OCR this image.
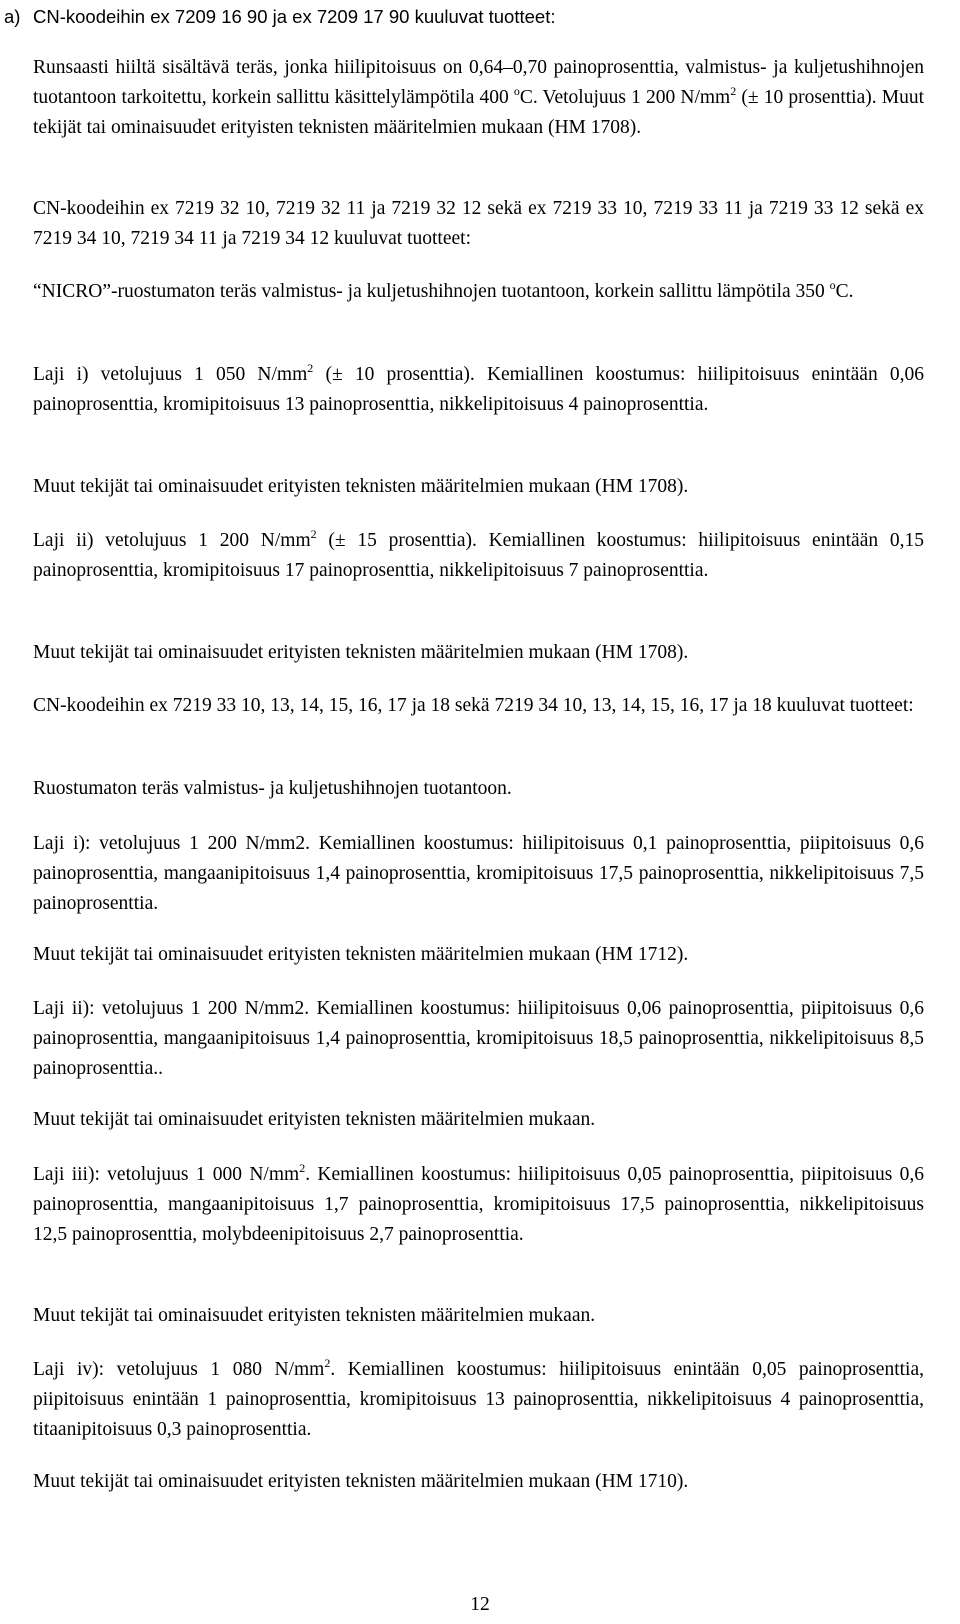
a) CN-koodeihin ex 7209 16 90 ja ex 7209 17 90 kuuluvat tuotteet:

Runsaasti hiiltä sisältävä teräs, jonka hiilipitoisuus on 0,64–0,70 painoprosenttia, valmistus- ja kuljetushihnojen tuotantoon tarkoitettu, korkein sallittu käsittelylämpötila 400 $^o$C. Vetolujuus 1 200 $N/mm^2$ (± 10 prosenttia). Muut tekijät tai ominaisuudet erityisten teknisten määritelmien mukaan (HM 1708).

CN-koodeihin ex 7219 32 10, 7219 32 11 ja 7219 32 12 sekä ex 7219 33 10, 7219 33 11 ja 7219 33 12 sekä ex 7219 34 10, 7219 34 11 ja 7219 34 12 kuuluvat tuotteet:

“NICRO”-ruostumaton teräs valmistus- ja kuljetushihnojen tuotantoon, korkein sallittu lämpötila 350 $^o$C.

Laji i) vetolujuus 1 050 $N/mm^2$ (± 10 prosenttia). Kemiallinen koostumus: hiilipitoisuus enintään 0,06 painoprosenttia, kromipitoisuus 13 painoprosenttia, nikkelipitoisuus 4 painoprosenttia.

Muut tekijät tai ominaisuudet erityisten teknisten määritelmien mukaan (HM 1708).

Laji ii) vetolujuus 1 200 $N/mm^2$ (± 15 prosenttia). Kemiallinen koostumus: hiilipitoisuus enintään 0,15 painoprosenttia, kromipitoisuus 17 painoprosenttia, nikkelipitoisuus 7 painoprosenttia.

Muut tekijät tai ominaisuudet erityisten teknisten määritelmien mukaan (HM 1708).

CN-koodeihin ex 7219 33 10, 13, 14, 15, 16, 17 ja 18 sekä 7219 34 10, 13, 14, 15, 16, 17 ja 18 kuuluvat tuotteet:

Ruostumaton teräs valmistus- ja kuljetushihnojen tuotantoon.

Laji i): vetolujuus 1 200 N/mm2. Kemiallinen koostumus: hiilipitoisuus 0,1 painoprosenttia, piipitoisuus 0,6 painoprosenttia, mangaanipitoisuus 1,4 painoprosenttia, kromipitoisuus 17,5 painoprosenttia, nikkelipitoisuus 7,5 painoprosenttia.

Muut tekijät tai ominaisuudet erityisten teknisten määritelmien mukaan (HM 1712).

Laji ii): vetolujuus 1 200 N/mm2. Kemiallinen koostumus: hiilipitoisuus 0,06 painoprosenttia, piipitoisuus 0,6 painoprosenttia, mangaanipitoisuus 1,4 painoprosenttia, kromipitoisuus 18,5 painoprosenttia, nikkelipitoisuus 8,5 painoprosenttia..

Muut tekijät tai ominaisuudet erityisten teknisten määritelmien mukaan.

Laji iii): vetolujuus 1 000 $N/mm^2$. Kemiallinen koostumus: hiilipitoisuus 0,05 painoprosenttia, piipitoisuus 0,6 painoprosenttia, mangaanipitoisuus 1,7 painoprosenttia, kromipitoisuus 17,5 painoprosenttia, nikkelipitoisuus 12,5 painoprosenttia, molybdeenipitoisuus 2,7 painoprosenttia.

Muut tekijät tai ominaisuudet erityisten teknisten määritelmien mukaan.

Laji iv): vetolujuus 1 080 $N/mm^2$. Kemiallinen koostumus: hiilipitoisuus enintään 0,05 painoprosenttia, piipitoisuus enintään 1 painoprosenttia, kromipitoisuus 13 painoprosenttia, nikkelipitoisuus 4 painoprosenttia, titaanipitoisuus 0,3 painoprosenttia.

Muut tekijät tai ominaisuudet erityisten teknisten määritelmien mukaan (HM 1710).

12
